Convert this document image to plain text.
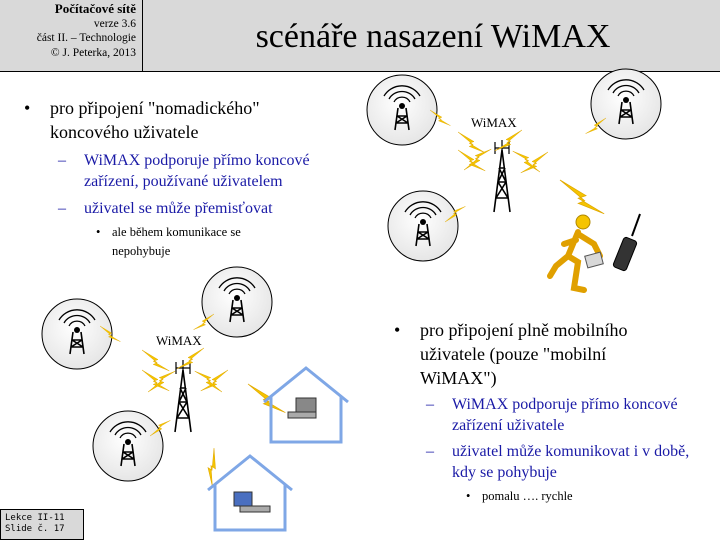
Počítačové sítě
verze 3.6
část II. – Technologie
© J. Peterka, 2013	scénáře nasazení WiMAX
• pro připojení "nomadického" koncového uživatele
– WiMAX podporuje přímo koncové zařízení, používané uživatelem
– uživatel se může přemisťovat
• ale během komunikace se nepohybuje
• pro připojení plně mobilního uživatele (pouze "mobilní WiMAX")
– WiMAX podporuje přímo koncové zařízení uživatele
– uživatel může komunikovat i v době, kdy se pohybuje
• pomalu …. rychle
WiMAX
WiMAX
Lekce II-11
Slide č. 17
